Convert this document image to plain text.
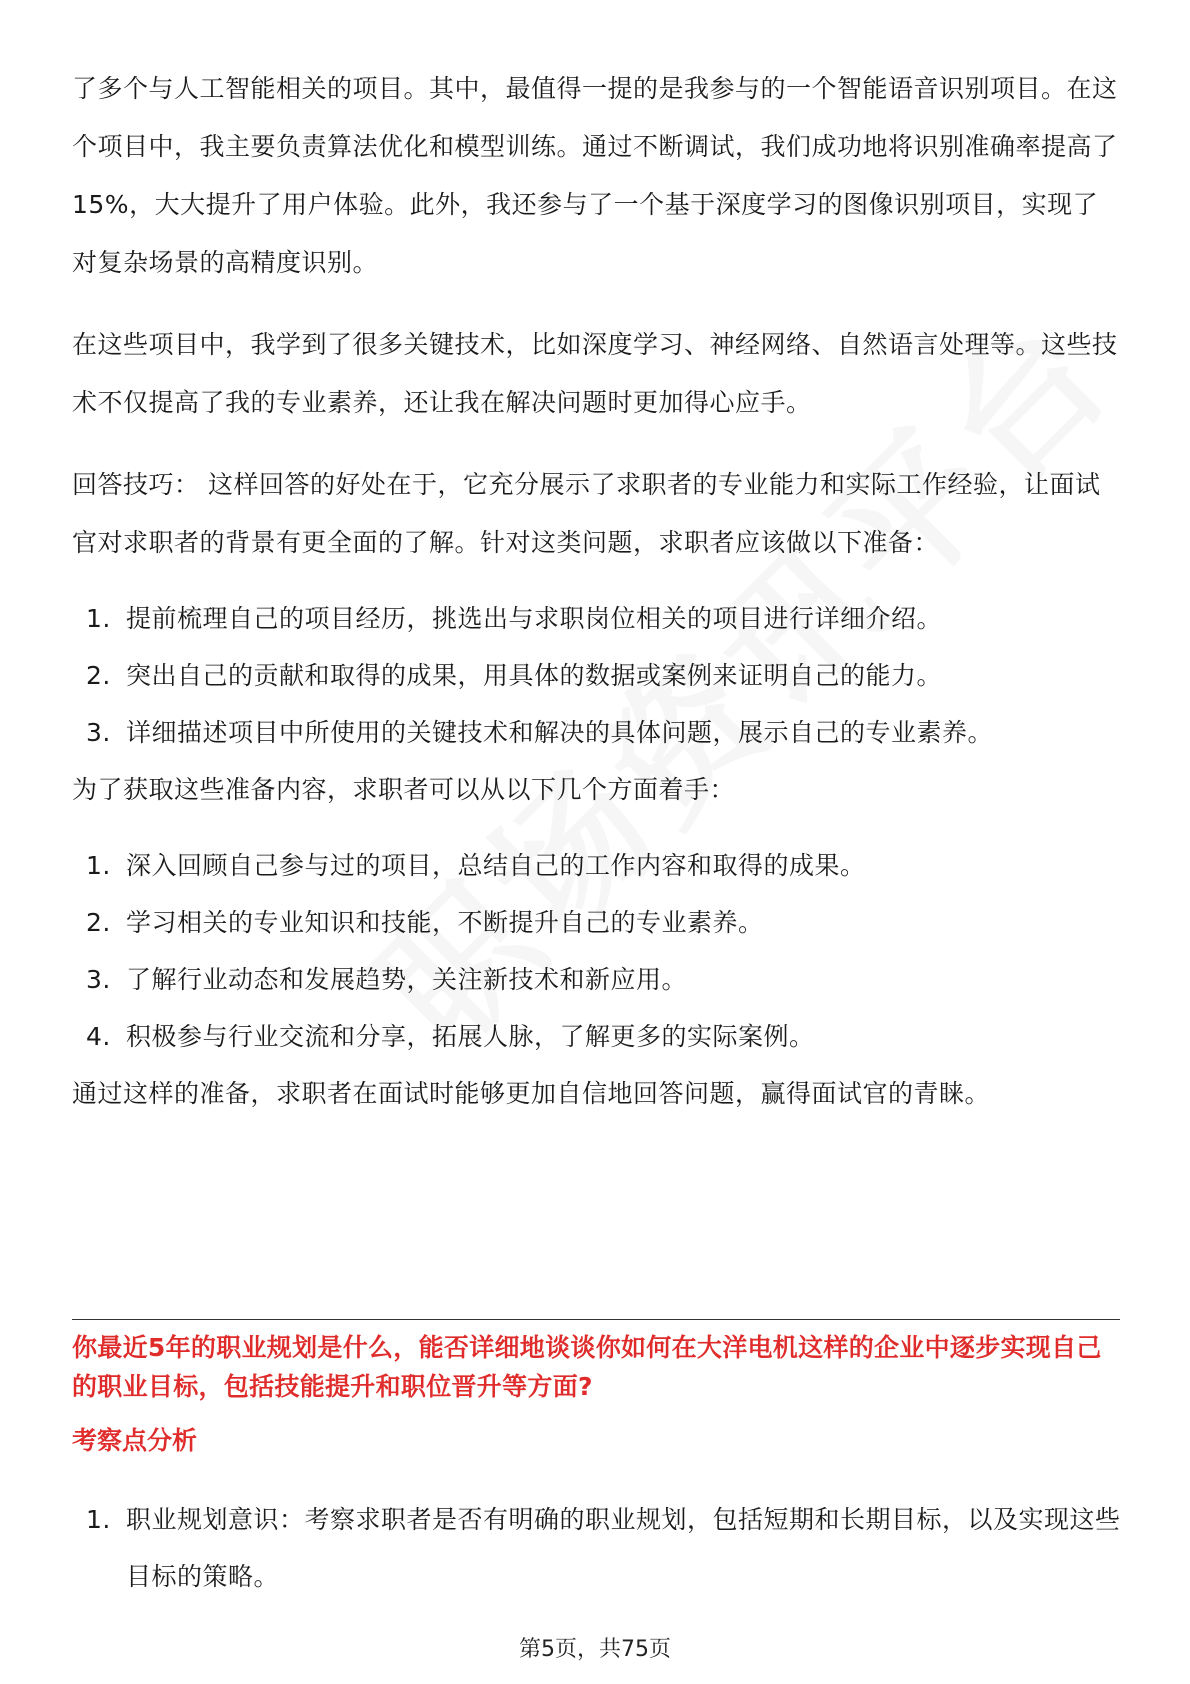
了多个与人工智能相关的项目。其中，最值得一提的是我参与的一个智能语音识别项目。在这个项目中，我主要负责算法优化和模型训练。通过不断调试，我们成功地将识别准确率提高了15%，大大提升了用户体验。此外，我还参与了一个基于深度学习的图像识别项目，实现了对复杂场景的高精度识别。

在这些项目中，我学到了很多关键技术，比如深度学习、神经网络、自然语言处理等。这些技术不仅提高了我的专业素养，还让我在解决问题时更加得心应手。

回答技巧： 这样回答的好处在于，它充分展示了求职者的专业能力和实际工作经验，让面试官对求职者的背景有更全面的了解。针对这类问题，求职者应该做以下准备：

1. 提前梳理自己的项目经历，挑选出与求职岗位相关的项目进行详细介绍。
2. 突出自己的贡献和取得的成果，用具体的数据或案例来证明自己的能力。
3. 详细描述项目中所使用的关键技术和解决的具体问题，展示自己的专业素养。

为了获取这些准备内容，求职者可以从以下几个方面着手：

1. 深入回顾自己参与过的项目，总结自己的工作内容和取得的成果。
2. 学习相关的专业知识和技能，不断提升自己的专业素养。
3. 了解行业动态和发展趋势，关注新技术和新应用。
4. 积极参与行业交流和分享，拓展人脉，了解更多的实际案例。

通过这样的准备，求职者在面试时能够更加自信地回答问题，赢得面试官的青睐。

你最近5年的职业规划是什么，能否详细地谈谈你如何在大洋电机这样的企业中逐步实现自己的职业目标，包括技能提升和职位晋升等方面?

考察点分析

1. 职业规划意识：考察求职者是否有明确的职业规划，包括短期和长期目标，以及实现这些目标的策略。
第5页，共75页
